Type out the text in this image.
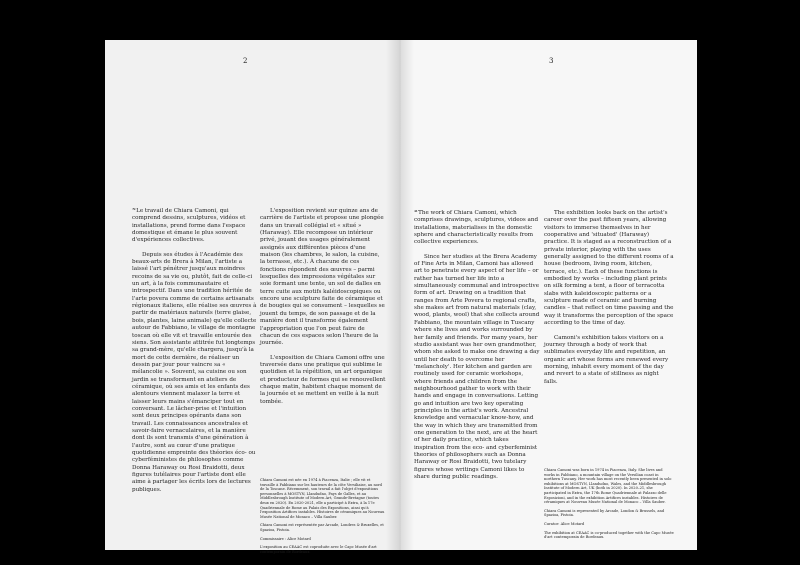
2

⁷⁹ Le travail de Chiara Camoni, qui comprend dessins, sculptures, vidéos et installations, prend forme dans l'espace domestique et émane le plus souvent d'expériences collectives.

Depuis ses études à l'Académie des beaux-arts de Brera à Milan, l'artiste a laissé l'art pénétrer jusqu'aux moindres recoins de sa vie ou, plutôt, fait de celle-ci un art, à la fois communautaire et introspectif. Dans une tradition héritée de l'arte povera comme de certains artisanats régionaux italiens, elle réalise ses œuvres à partir de matériaux naturels (terre glaise, bois, plantes, laine animale) qu'elle collecte autour de Fabbiano, le village de montagne toscan où elle vit et travaille entourée des siens. Son assistante attitrée fut longtemps sa grand-mère, qu'elle chargera, jusqu'à la mort de cette dernière, de réaliser un dessin par jour pour vaincre sa « mélancolie ». Souvent, sa cuisine ou son jardin se transforment en ateliers de céramique, où ses amis et les enfants des alentours viennent malaxer la terre et laisser leurs mains s'émanciper tout en conversant. Le lâcher-prise et l'intuition sont deux principes opérants dans son travail. Les connaissances ancestrales et savoir-faire vernaculaires, et la manière dont ils sont transmis d'une génération à l'autre, sont au cœur d'une pratique quotidienne empreinte des théories éco- ou cyberféministes de philosophes comme Donna Haraway ou Rosi Braidotti, deux figures tutélaires pour l'artiste dont elle aime à partager les écrits lors de lectures publiques.

L'exposition revient sur quinze ans de carrière de l'artiste et propose une plongée dans un travail collégial et « situé » (Haraway). Elle recompose un intérieur privé, jouant des usages généralement assignés aux différentes pièces d'une maison (les chambres, le salon, la cuisine, la terrasse, etc.). À chacune de ces fonctions répondent des œuvres – parmi lesquelles des impressions végétales sur soie formant une tente, un sol de dalles en terre cuite aux motifs kaléidoscopiques ou encore une sculpture faite de céramique et de bougies qui se consument – lesquelles se jouent du temps, de son passage et de la manière dont il transforme également l'appropriation que l'on peut faire de chacun de ces espaces selon l'heure de la journée.

L'exposition de Chiara Camoni offre une traversée dans une pratique qui sublime le quotidien et la répétition, un art organique et producteur de formes qui se renouvellent chaque matin, habitent chaque moment de la journée et se mettent en veille à la nuit tombée.

Chiara Camoni est née en 1974 à Piacenza, Italie ; elle vit et travaille à Fabbiano sur les hauteurs de la côte Versiliaise, au nord de la Toscane. Récemment, son travail a fait l'objet d'expositions personnelles à MOSTYN, Llandudno, Pays de Galles, et au Middlesbrough Institute of Modern Art, Grande-Bretagne (toutes deux en 2020). En 2020-2021, elle a participé à Extra, à la 17e Quadriennale de Rome au Palais des Expositions, ainsi qu'à l'exposition Artifices instables. Histoires de céramiques au Nouveau Musée National de Monaco – Villa Sauber.

Chiara Camoni est représentée par Arcade, Londres & Bruxelles, et Spazioa, Pistoia.

Commissaire : Alice Motard

L'exposition au CEAAC est coproduite avec le Capc Musée d'art contemporain de Bordeaux.

3

⁴⁴ The work of Chiara Camoni, which comprises drawings, sculptures, videos and installations, materialises in the domestic sphere and characteristically results from collective experiences.

Since her studies at the Brera Academy of Fine Arts in Milan, Camoni has allowed art to penetrate every aspect of her life – or rather has turned her life into a simultaneously communal and introspective form of art. Drawing on a tradition that ranges from Arte Povera to regional crafts, she makes art from natural materials (clay, wood, plants, wool) that she collects around Fabbiano, the mountain village in Tuscany where she lives and works surrounded by her family and friends. For many years, her studio assistant was her own grandmother, whom she asked to make one drawing a day until her death to overcome her 'melancholy'. Her kitchen and garden are routinely used for ceramic workshops, where friends and children from the neighbourhood gather to work with their hands and engage in conversations. Letting go and intuition are two key operating principles in the artist's work. Ancestral knowledge and vernacular know-how, and the way in which they are transmitted from one generation to the next, are at the heart of her daily practice, which takes inspiration from the eco- and cyberfeminist theories of philosophers such as Donna Haraway or Rosi Braidotti, two tutelary figures whose writings Camoni likes to share during public readings.

The exhibition looks back on the artist's career over the past fifteen years, allowing visitors to immerse themselves in her cooperative and 'situated' (Haraway) practice. It is staged as a reconstruction of a private interior, playing with the uses generally assigned to the different rooms of a house (bedroom, living room, kitchen, terrace, etc.). Each of these functions is embodied by works – including plant prints on silk forming a tent, a floor of terracotta slabs with kaleidoscopic patterns or a sculpture made of ceramic and burning candles – that reflect on time passing and the way it transforms the perception of the space according to the time of day.

Camoni's exhibition takes visitors on a journey through a body of work that sublimates everyday life and repetition, an organic art whose forms are renewed every morning, inhabit every moment of the day and revert to a state of stillness as night falls.

Chiara Camoni was born in 1974 in Piacenza, Italy. She lives and works in Fabbiano, a mountain village on the Versilian coast in northern Tuscany. Her work has most recently been presented in solo exhibitions at MOSTYN, Llandudno, Wales, and the Middlesbrough Institute of Modern Art, UK (both in 2020). In 2020–21, she participated in Extra, the 17th Rome Quadriennale at Palazzo delle Esposizioni, and in the exhibition Artifices instables. Histoires de céramiques at Nouveau Musée National de Monaco – Villa Sauber.

Chiara Camoni is represented by Arcade, London & Brussels, and Spazioa, Pistoia.

Curator: Alice Motard

The exhibition at CEAAC is co-produced together with the Capc Musée d'art contemporain de Bordeaux.
